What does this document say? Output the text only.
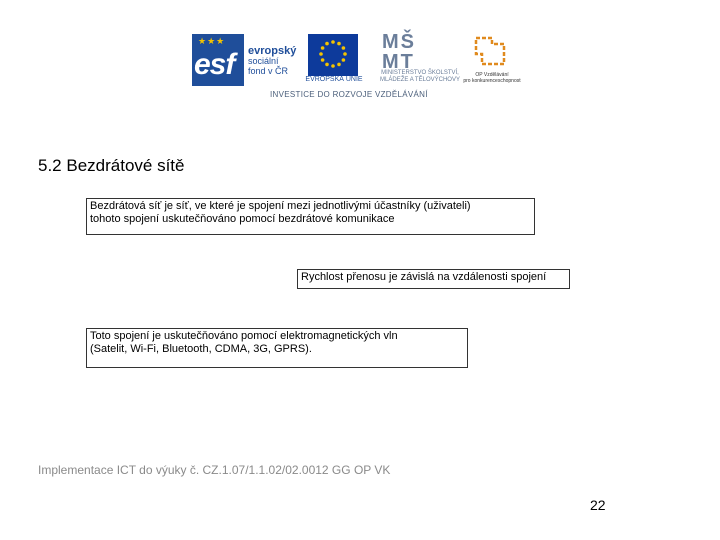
★★★
esf evropský
sociální
fond v ČR
EVROPSKÁ UNIE
MŠ
MT
MINISTERSTVO ŠKOLSTVÍ,
MLÁDEŽE A TĚLOVÝCHOVY
OP Vzdělávání
pro konkurenceschopnost
INVESTICE DO ROZVOJE VZDĚLÁVÁNÍ
5.2 Bezdrátové sítě
Bezdrátová síť je síť, ve které je spojení mezi jednotlivými účastníky (uživateli)
tohoto spojení uskutečňováno pomocí bezdrátové komunikace
Rychlost přenosu je závislá na vzdálenosti spojení
Toto spojení je uskutečňováno pomocí elektromagnetických vln
(Satelit, Wi-Fi, Bluetooth, CDMA, 3G, GPRS).
Implementace ICT do výuky č. CZ.1.07/1.1.02/02.0012 GG OP VK
22
